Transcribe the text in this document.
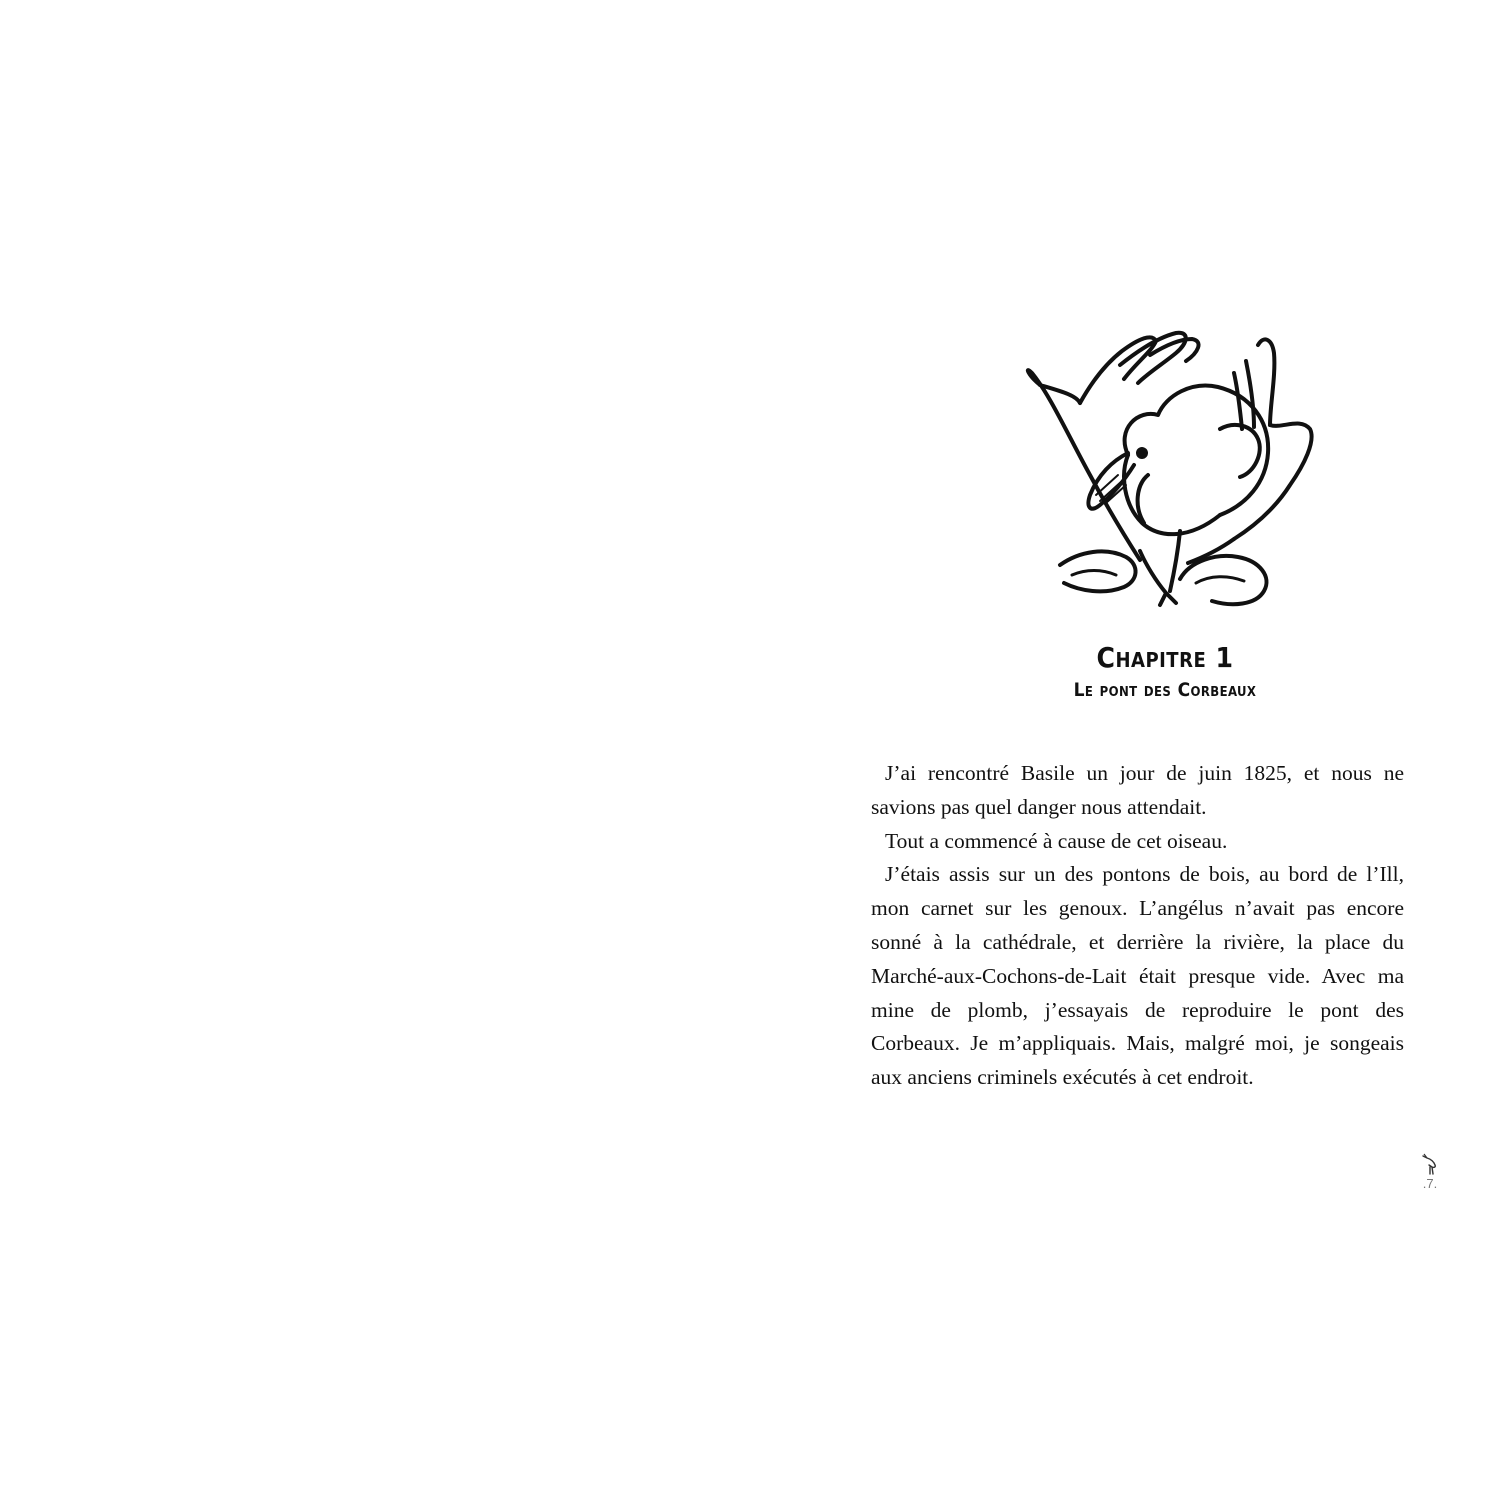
Chapitre 1
Le pont des Corbeaux

J’ai rencontré Basile un jour de juin 1825, et nous ne savions pas quel danger nous attendait.

Tout a commencé à cause de cet oiseau.

J’étais assis sur un des pontons de bois, au bord de l’Ill, mon carnet sur les genoux. L’angélus n’avait pas encore sonné à la cathédrale, et derrière la rivière, la place du Marché-aux-Cochons-de-Lait était presque vide. Avec ma mine de plomb, j’essayais de reproduire le pont des Corbeaux. Je m’appliquais. Mais, malgré moi, je songeais aux anciens criminels exécutés à cet endroit.

.7.
